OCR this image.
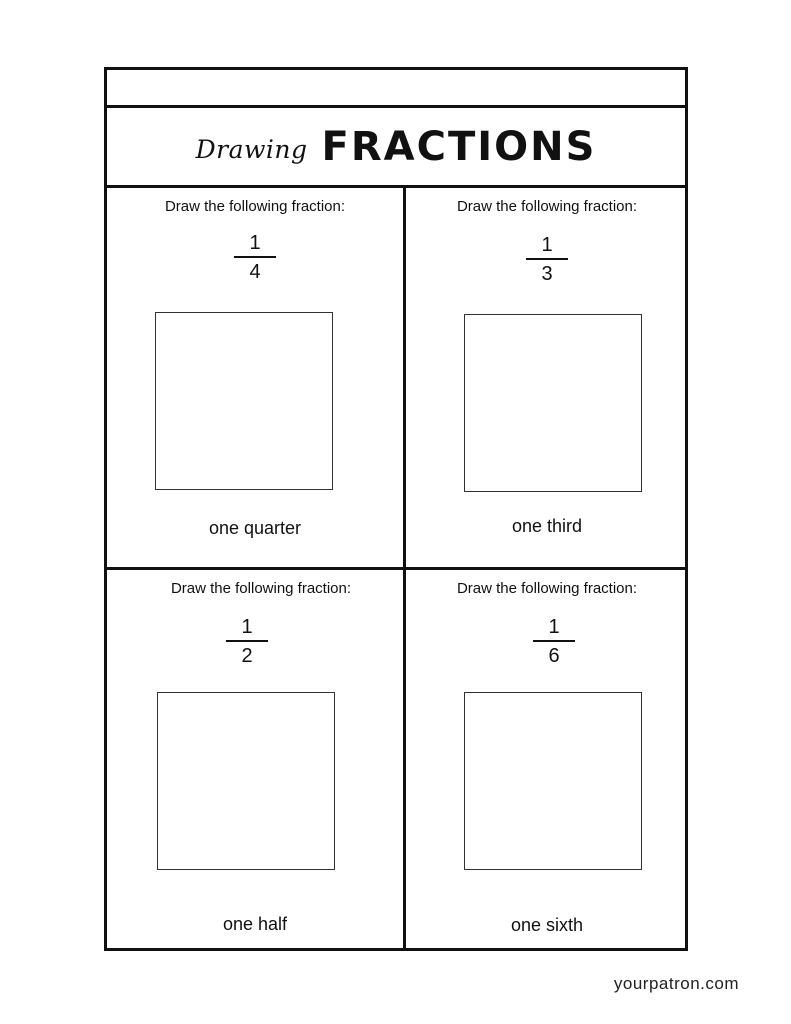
Drawing FRACTIONS
Draw the following fraction:
1
4
one quarter
Draw the following fraction:
1
3
one third
Draw the following fraction:
1
2
one half
Draw the following fraction:
1
6
one sixth
yourpatron.com
